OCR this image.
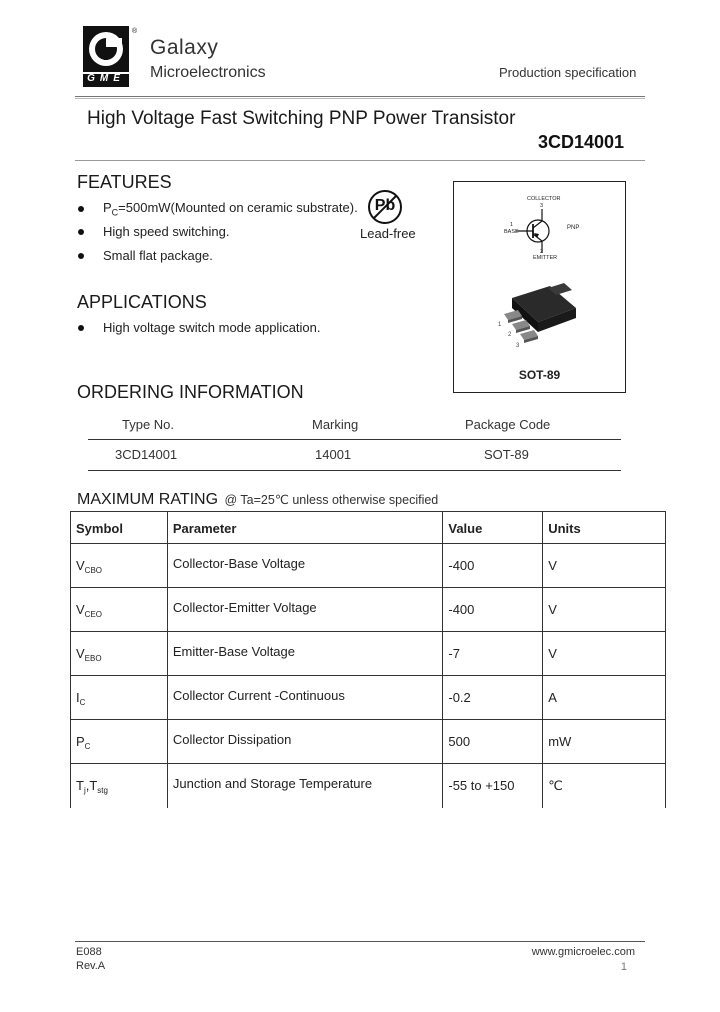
®
GME
Galaxy
Microelectronics	Production specification
High Voltage Fast Switching PNP Power Transistor
3CD14001
FEATURES
$P_C=500mW(Mounted$ on ceramic substrate).
High speed switching.
Small flat package.
Pb
Lead-free
COLLECTOR
3
1
BASE
PNP
2
EMITTER
1
2
3
SOT-89
APPLICATIONS
High voltage switch mode application.
ORDERING INFORMATION
Type No.	Marking	Package Code
3CD14001	14001	SOT-89
MAXIMUM RATING @ Ta=25℃ unless otherwise specified
Symbol	Parameter	Value	Units
$V_{CBO}$	Collector-Base Voltage	-400	V
$V_{CEO}$	Collector-Emitter Voltage	-400	V
$V_{EBO}$	Emitter-Base Voltage	-7	V
$I_C$	Collector Current -Continuous	-0.2	A
$P_C$	Collector Dissipation	500	mW
$T_j,T_{stg}$	Junction and Storage Temperature	-55 to +150	℃
E088
Rev.A
www.gmicroelec.com
1
